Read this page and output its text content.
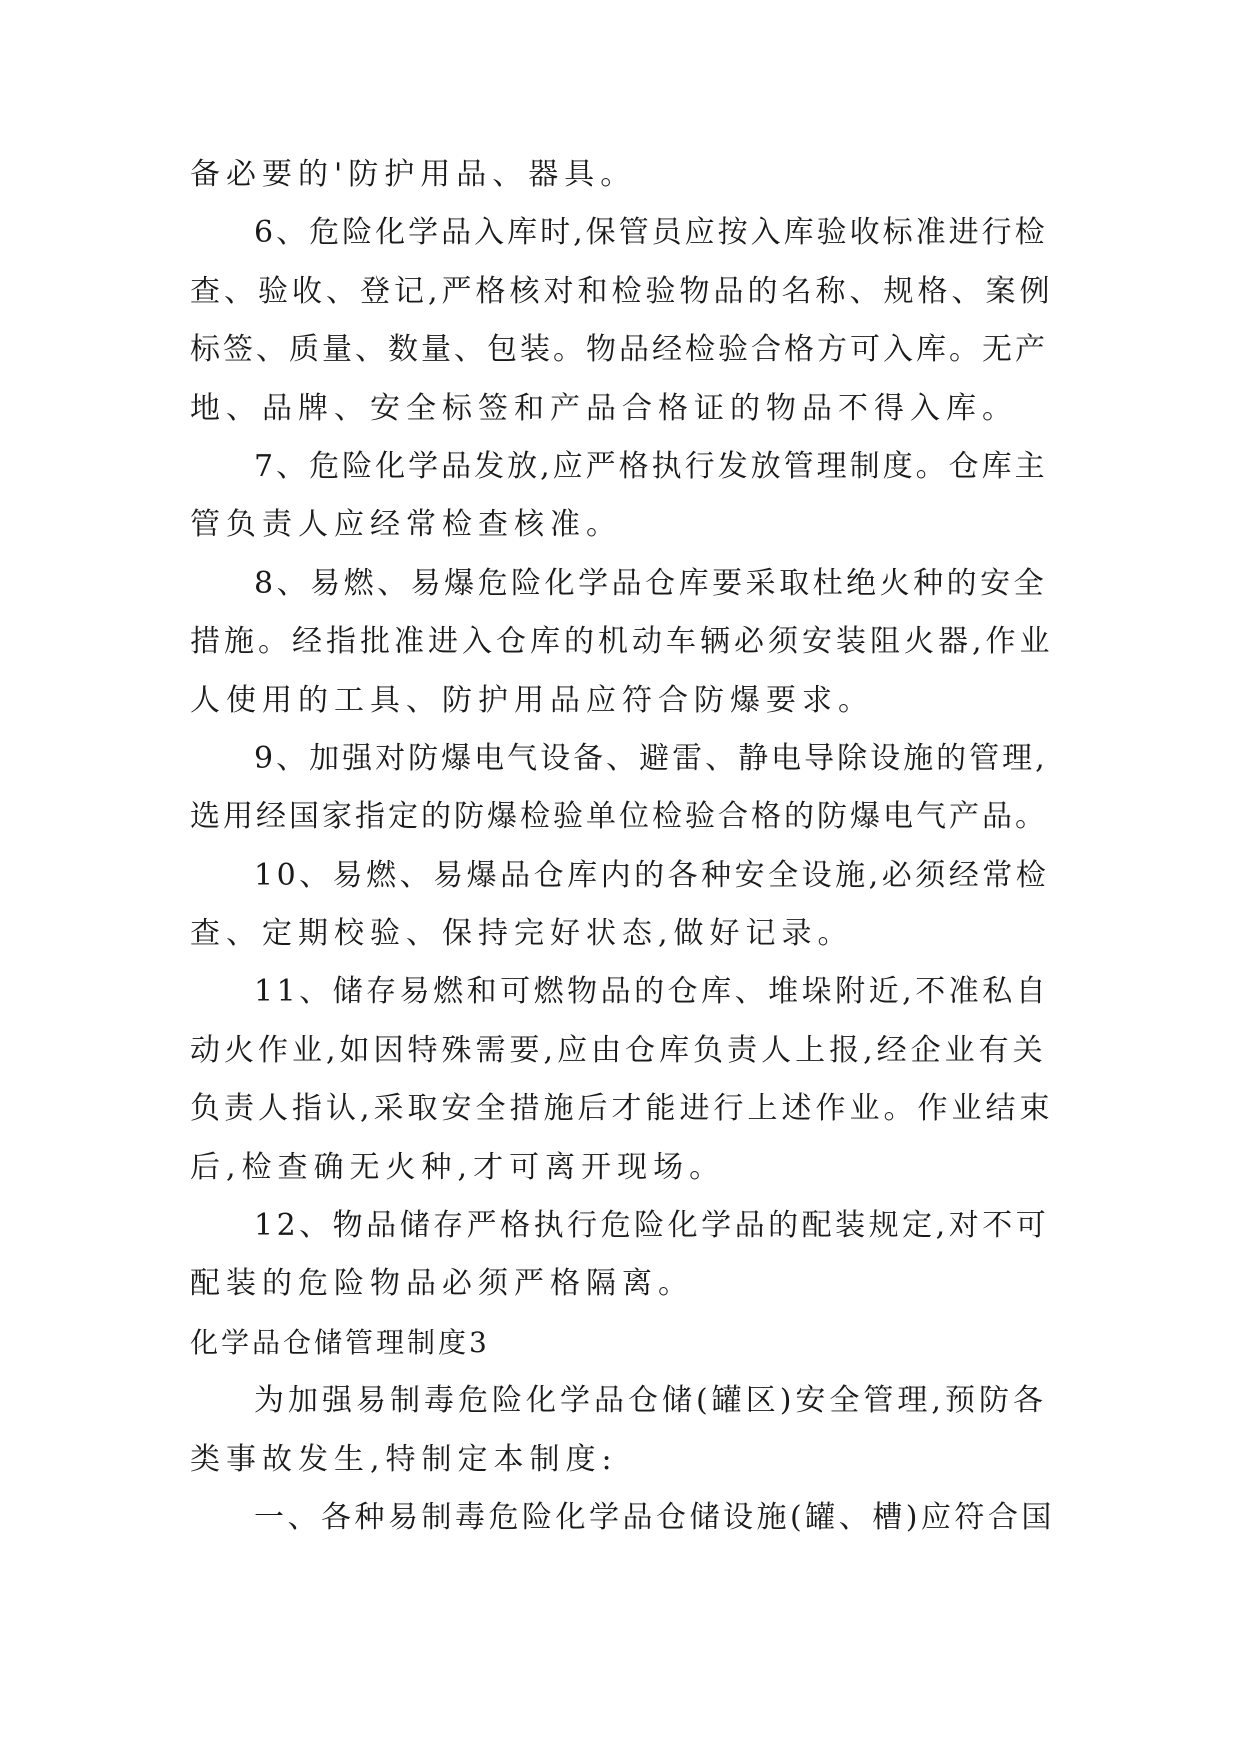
备必要的'防护用品、器具。
6、危险化学品入库时,保管员应按入库验收标准进行检
查、验收、登记,严格核对和检验物品的名称、规格、案例
标签、质量、数量、包装。物品经检验合格方可入库。无产
地、品牌、安全标签和产品合格证的物品不得入库。
7、危险化学品发放,应严格执行发放管理制度。仓库主
管负责人应经常检查核准。
8、易燃、易爆危险化学品仓库要采取杜绝火种的安全
措施。经指批准进入仓库的机动车辆必须安装阻火器,作业
人使用的工具、防护用品应符合防爆要求。
9、加强对防爆电气设备、避雷、静电导除设施的管理,
选用经国家指定的防爆检验单位检验合格的防爆电气产品。
10、易燃、易爆品仓库内的各种安全设施,必须经常检
查、定期校验、保持完好状态,做好记录。
11、储存易燃和可燃物品的仓库、堆垛附近,不准私自
动火作业,如因特殊需要,应由仓库负责人上报,经企业有关
负责人指认,采取安全措施后才能进行上述作业。作业结束
后,检查确无火种,才可离开现场。
12、物品储存严格执行危险化学品的配装规定,对不可
配装的危险物品必须严格隔离。
化学品仓储管理制度3
为加强易制毒危险化学品仓储(罐区)安全管理,预防各
类事故发生,特制定本制度:
一、各种易制毒危险化学品仓储设施(罐、槽)应符合国
